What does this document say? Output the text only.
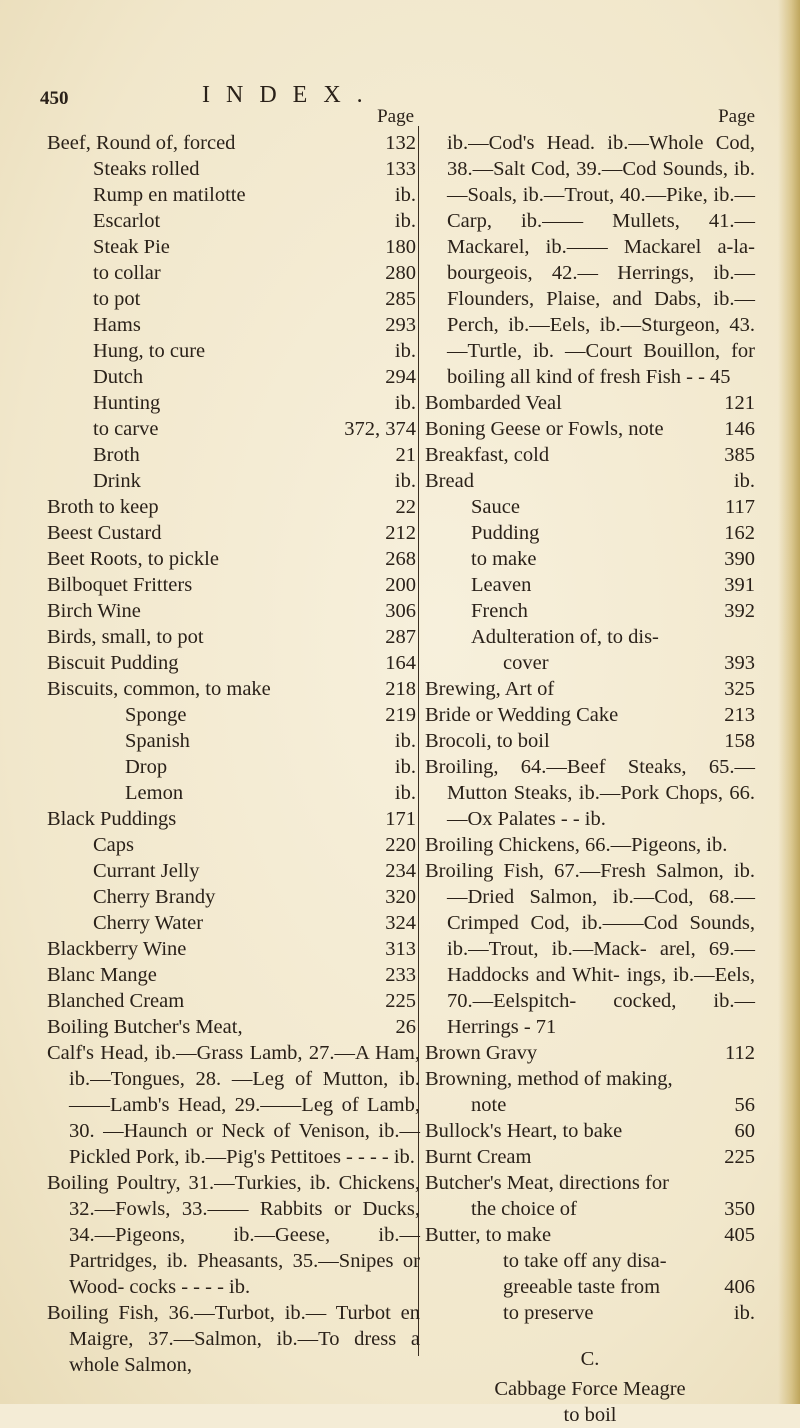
450	INDEX.
Page
Beef, Round of, forced	132
Steaks rolled	133
Rump en matilotte	ib.
Escarlot	ib.
Steak Pie	180
to collar	280
to pot	285
Hams	293
Hung, to cure	ib.
Dutch	294
Hunting	ib.
to carve	372, 374
Broth	21
Drink	ib.
Broth to keep	22
Beest Custard	212
Beet Roots, to pickle	268
Bilboquet Fritters	200
Birch Wine	306
Birds, small, to pot	287
Biscuit Pudding	164
Biscuits, common, to make	218
Sponge	219
Spanish	ib.
Drop	ib.
Lemon	ib.
Black Puddings	171
Caps	220
Currant Jelly	234
Cherry Brandy	320
Cherry Water	324
Blackberry Wine	313
Blanc Mange	233
Blanched Cream	225
Boiling Butcher's Meat,	26
Calf's Head, ib.—Grass Lamb, 27.—A Ham, ib.—Tongues, 28. —Leg of Mutton, ib.——Lamb's Head, 29.——Leg of Lamb, 30. —Haunch or Neck of Venison, ib.—Pickled Pork, ib.—Pig's Pettitoes - - - - ib.
Boiling Poultry, 31.—Turkies, ib. Chickens, 32.—Fowls, 33.—— Rabbits or Ducks, 34.—Pigeons, ib.—Geese, ib.—Partridges, ib. Pheasants, 35.—Snipes or Wood- cocks - - - - ib.
Boiling Fish, 36.—Turbot, ib.— Turbot en Maigre, 37.—Salmon, ib.—To dress a whole Salmon,
Page
ib.—Cod's Head. ib.—Whole Cod, 38.—Salt Cod, 39.—Cod Sounds, ib.—Soals, ib.—Trout, 40.—Pike, ib.—Carp, ib.—— Mullets, 41.—Mackarel, ib.—— Mackarel a-la-bourgeois, 42.— Herrings, ib.—Flounders, Plaise, and Dabs, ib.—Perch, ib.—Eels, ib.—Sturgeon, 43.—Turtle, ib. —Court Bouillon, for boiling all kind of fresh Fish - - 45
Bombarded Veal	121
Boning Geese or Fowls, note	146
Breakfast, cold	385
Bread	ib.
Sauce	117
Pudding	162
to make	390
Leaven	391
French	392
Adulteration of, to dis-
cover	393
Brewing, Art of	325
Bride or Wedding Cake	213
Brocoli, to boil	158
Broiling, 64.—Beef Steaks, 65.— Mutton Steaks, ib.—Pork Chops, 66.—Ox Palates - - ib.
Broiling Chickens, 66.—Pigeons, ib.
Broiling Fish, 67.—Fresh Salmon, ib.—Dried Salmon, ib.—Cod, 68.—Crimped Cod, ib.——Cod Sounds, ib.—Trout, ib.—Mack- arel, 69.—Haddocks and Whit- ings, ib.—Eels, 70.—Eelspitch- cocked, ib.—Herrings - 71
Brown Gravy	112
Browning, method of making,
note	56
Bullock's Heart, to bake	60
Burnt Cream	225
Butcher's Meat, directions for
the choice of	350
Butter, to make	405
to take off any disa-
greeable taste from	406
to preserve	ib.
C.
Cabbage Force Meagre
to boil
